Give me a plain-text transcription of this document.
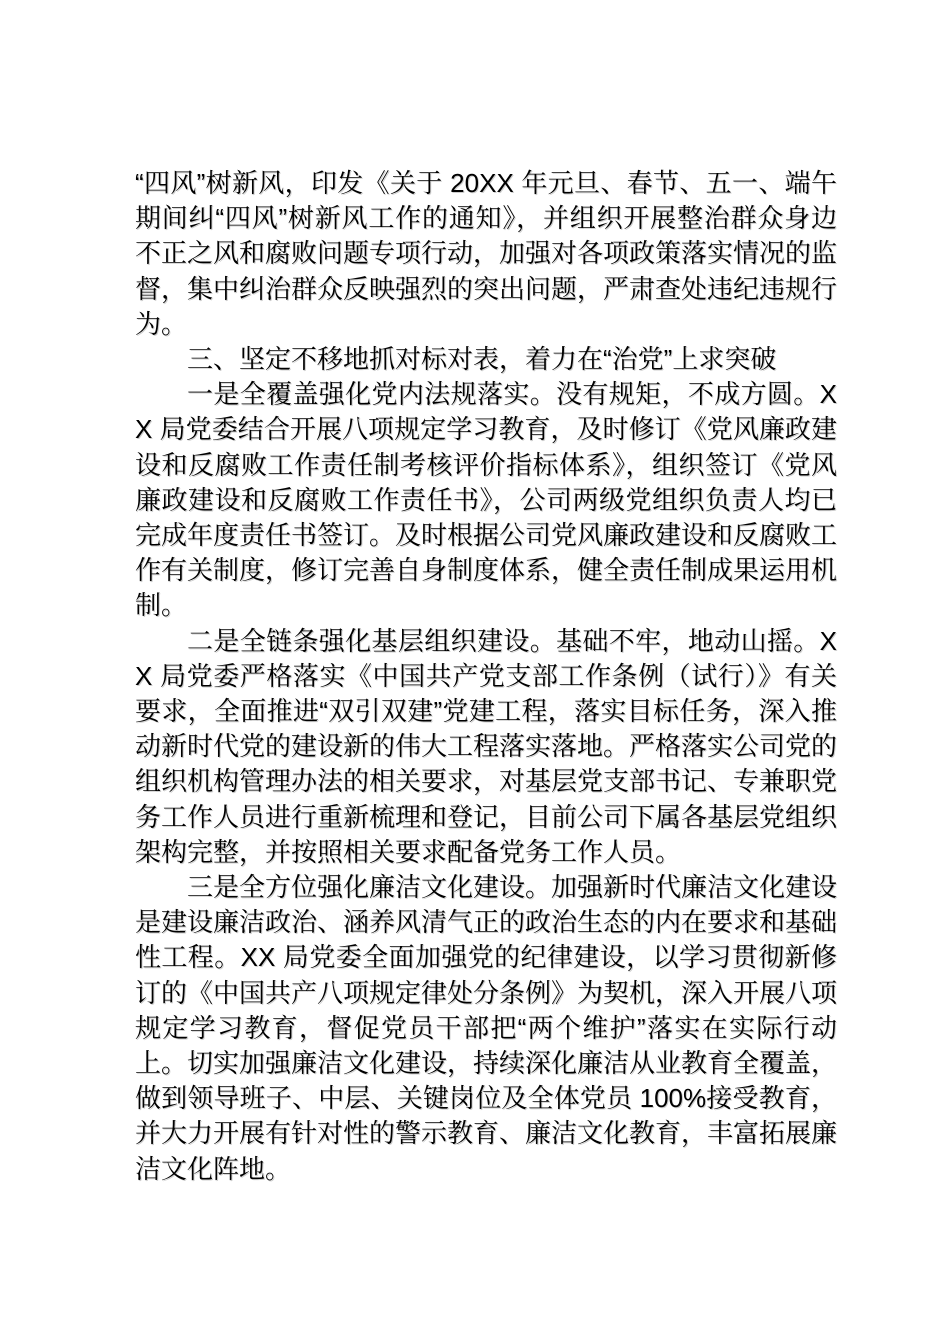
“四风”树新风，印发《关于 20XX 年元旦、春节、五一、端午期间纠“四风”树新风工作的通知》，并组织开展整治群众身边不正之风和腐败问题专项行动，加强对各项政策落实情况的监督，集中纠治群众反映强烈的突出问题，严肃查处违纪违规行为。

三、坚定不移地抓对标对表，着力在“治党”上求突破

一是全覆盖强化党内法规落实。没有规矩，不成方圆。XX 局党委结合开展八项规定学习教育，及时修订《党风廉政建设和反腐败工作责任制考核评价指标体系》，组织签订《党风廉政建设和反腐败工作责任书》，公司两级党组织负责人均已完成年度责任书签订。及时根据公司党风廉政建设和反腐败工作有关制度，修订完善自身制度体系，健全责任制成果运用机制。

二是全链条强化基层组织建设。基础不牢，地动山摇。XX 局党委严格落实《中国共产党支部工作条例（试行）》有关要求，全面推进“双引双建”党建工程，落实目标任务，深入推动新时代党的建设新的伟大工程落实落地。严格落实公司党的组织机构管理办法的相关要求，对基层党支部书记、专兼职党务工作人员进行重新梳理和登记，目前公司下属各基层党组织架构完整，并按照相关要求配备党务工作人员。

三是全方位强化廉洁文化建设。加强新时代廉洁文化建设是建设廉洁政治、涵养风清气正的政治生态的内在要求和基础性工程。XX 局党委全面加强党的纪律建设，以学习贯彻新修订的《中国共产八项规定律处分条例》为契机，深入开展八项规定学习教育，督促党员干部把“两个维护”落实在实际行动上。切实加强廉洁文化建设，持续深化廉洁从业教育全覆盖，做到领导班子、中层、关键岗位及全体党员 100%接受教育，并大力开展有针对性的警示教育、廉洁文化教育，丰富拓展廉洁文化阵地。
